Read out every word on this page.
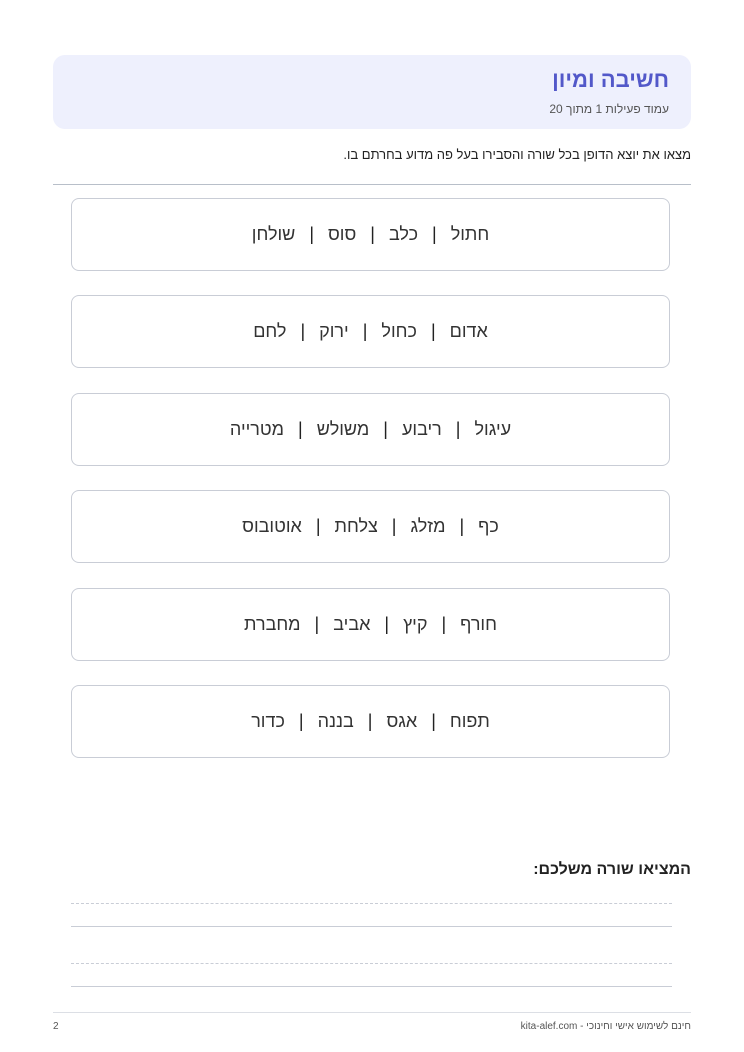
חשיבה ומיון
עמוד פעילות 1 מתוך 20
מצאו את יוצא הדופן בכל שורה והסבירו בעל פה מדוע בחרתם בו.
חתול
|
כלב
|
סוס
|
שולחן
אדום
|
כחול
|
ירוק
|
לחם
עיגול
|
ריבוע
|
משולש
|
מטרייה
כף
|
מזלג
|
צלחת
|
אוטובוס
חורף
|
קיץ
|
אביב
|
מחברת
תפוח
|
אגס
|
בננה
|
כדור
המציאו שורה משלכם:
חינם לשימוש אישי וחינוכי - kita-alef.com
2
